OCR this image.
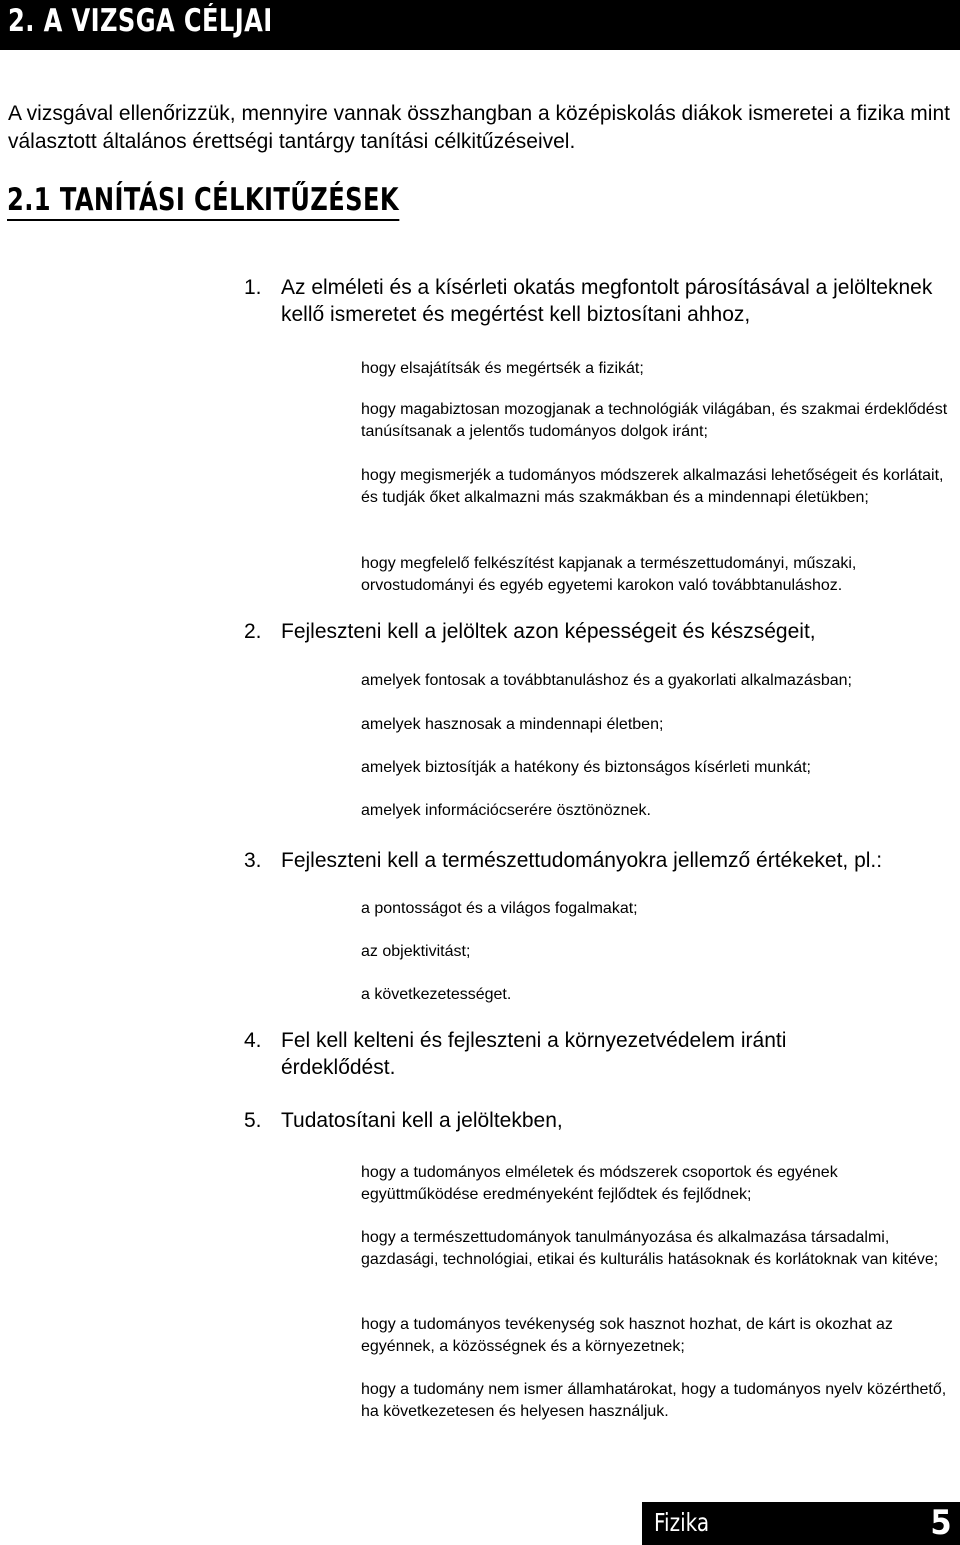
2. A VIZSGA CÉLJAI

A vizsgával ellenőrizzük, mennyire vannak összhangban a középiskolás diákok ismeretei a fizika mint választott általános érettségi tantárgy tanítási célkitűzéseivel.

2.1 TANÍTÁSI CÉLKITŰZÉSEK
1. Az elméleti és a kísérleti okatás megfontolt párosításával a jelölteknek kellő ismeretet és megértést kell biztosítani ahhoz,

hogy elsajátítsák és megértsék a fizikát;

hogy magabiztosan mozogjanak a technológiák világában, és szakmai érdeklődést tanúsítsanak a jelentős tudományos dolgok iránt;

hogy megismerjék a tudományos módszerek alkalmazási lehetőségeit és korlátait, és tudják őket alkalmazni más szakmákban és a mindennapi életükben;

hogy megfelelő felkészítést kapjanak a természettudományi, műszaki, orvostudományi és egyéb egyetemi karokon való továbbtanuláshoz.

2. Fejleszteni kell a jelöltek azon képességeit és készségeit,

amelyek fontosak a továbbtanuláshoz és a gyakorlati alkalmazásban;

amelyek hasznosak a mindennapi életben;

amelyek biztosítják a hatékony és biztonságos kísérleti munkát;

amelyek információcserére ösztönöznek.

3. Fejleszteni kell a természettudományokra jellemző értékeket, pl.:

a pontosságot és a világos fogalmakat;

az objektivitást;

a következetességet.

4. Fel kell kelteni és fejleszteni a környezetvédelem iránti érdeklődést.

5. Tudatosítani kell a jelöltekben,

hogy a tudományos elméletek és módszerek csoportok és egyének együttműködése eredményeként fejlődtek és fejlődnek;

hogy a természettudományok tanulmányozása és alkalmazása társadalmi, gazdasági, technológiai, etikai és kulturális hatásoknak és korlátoknak van kitéve;

hogy a tudományos tevékenység sok hasznot hozhat, de kárt is okozhat az egyénnek, a közösségnek és a környezetnek;

hogy a tudomány nem ismer államhatárokat, hogy a tudományos nyelv közérthető, ha következetesen és helyesen használjuk.

Fizika	5
